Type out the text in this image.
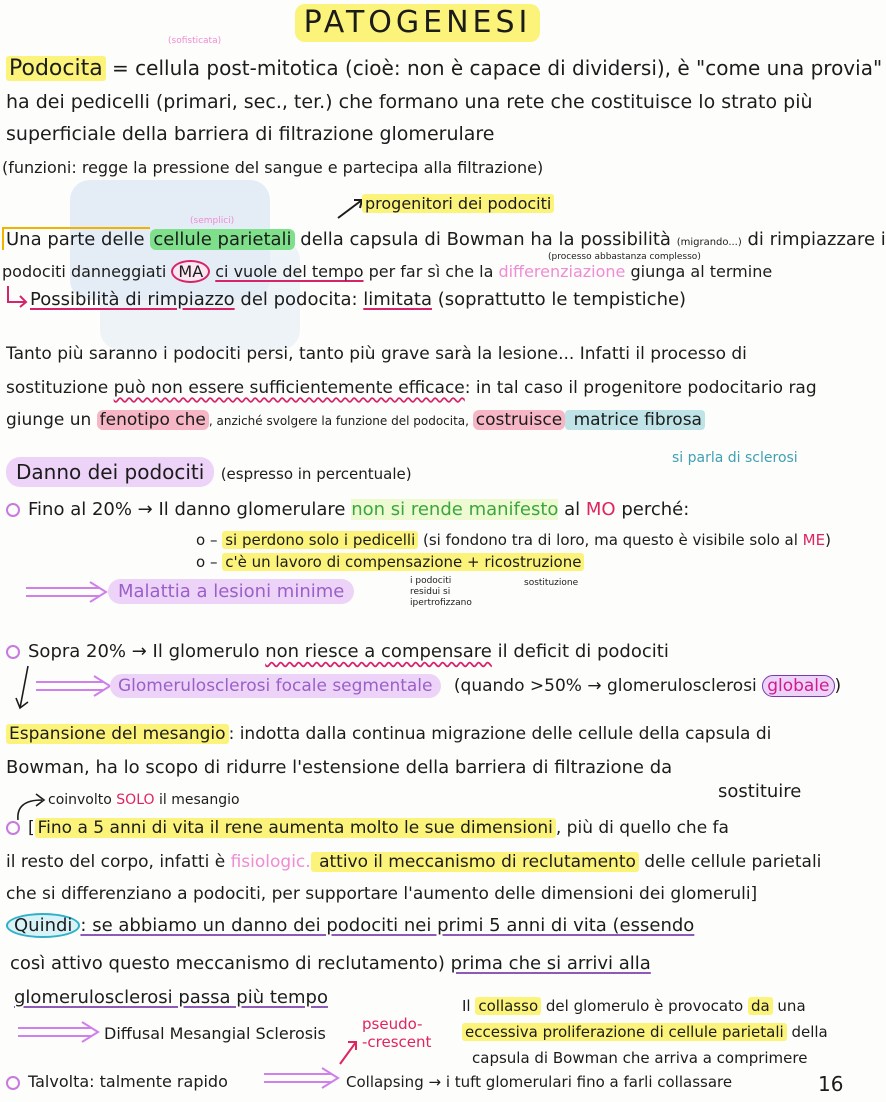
PATOGENESI
(sofisticata)
Podocita = cellula post-mitotica (cioè: non è capace di dividersi), è "come una provia"
ha dei pedicelli (primari, sec., ter.) che formano una rete che costituisce lo strato più
superficiale della barriera di filtrazione glomerulare
(funzioni: regge la pressione del sangue e partecipa alla filtrazione)
progenitori dei podociti
(semplici)
Una parte delle cellule parietali della capsula di Bowman ha la possibilità (migrando...) di rimpiazzare i
(processo abbastanza complesso)
podociti danneggiati MA ci vuole del tempo per far sì che la differenziazione giunga al termine
Possibilità di rimpiazzo del podocita: limitata (soprattutto le tempistiche)
Tanto più saranno i podociti persi, tanto più grave sarà la lesione... Infatti il processo di
sostituzione può non essere sufficientemente efficace: in tal caso il progenitore podocitario rag
giunge un fenotipo che , anziché svolgere la funzione del podocita, costruisce matrice fibrosa
si parla di sclerosi
Danno dei podociti (espresso in percentuale)
Fino al 20% → Il danno glomerulare non si rende manifesto al MO perché:
o – si perdono solo i pedicelli (si fondono tra di loro, ma questo è visibile solo al ME)
o – c'è un lavoro di compensazione + ricostruzione
i podociti residui si ipertrofizzano
sostituzione
Malattia a lesioni minime
Sopra 20% → Il glomerulo non riesce a compensare il deficit di podociti
Glomerulosclerosi focale segmentale (quando >50% → glomerulosclerosi globale )
Espansione del mesangio : indotta dalla continua migrazione delle cellule della capsula di
Bowman, ha lo scopo di ridurre l'estensione della barriera di filtrazione da
sostituire
coinvolto SOLO il mesangio
[ Fino a 5 anni di vita il rene aumenta molto le sue dimensioni , più di quello che fa
il resto del corpo, infatti è fisiologic. attivo il meccanismo di reclutamento delle cellule parietali
che si differenziano a podociti, per supportare l'aumento delle dimensioni dei glomeruli]
Quindi : se abbiamo un danno dei podociti nei primi 5 anni di vita (essendo
così attivo questo meccanismo di reclutamento) prima che si arrivi alla
glomerulosclerosi passa più tempo
Diffusal Mesangial Sclerosis pseudo-
-crescent
Il collasso del glomerulo è provocato da una
eccessiva proliferazione di cellule parietali della
capsula di Bowman che arriva a comprimere
Talvolta: talmente rapido	Collapsing → i tuft glomerulari fino a farli collassare	16
